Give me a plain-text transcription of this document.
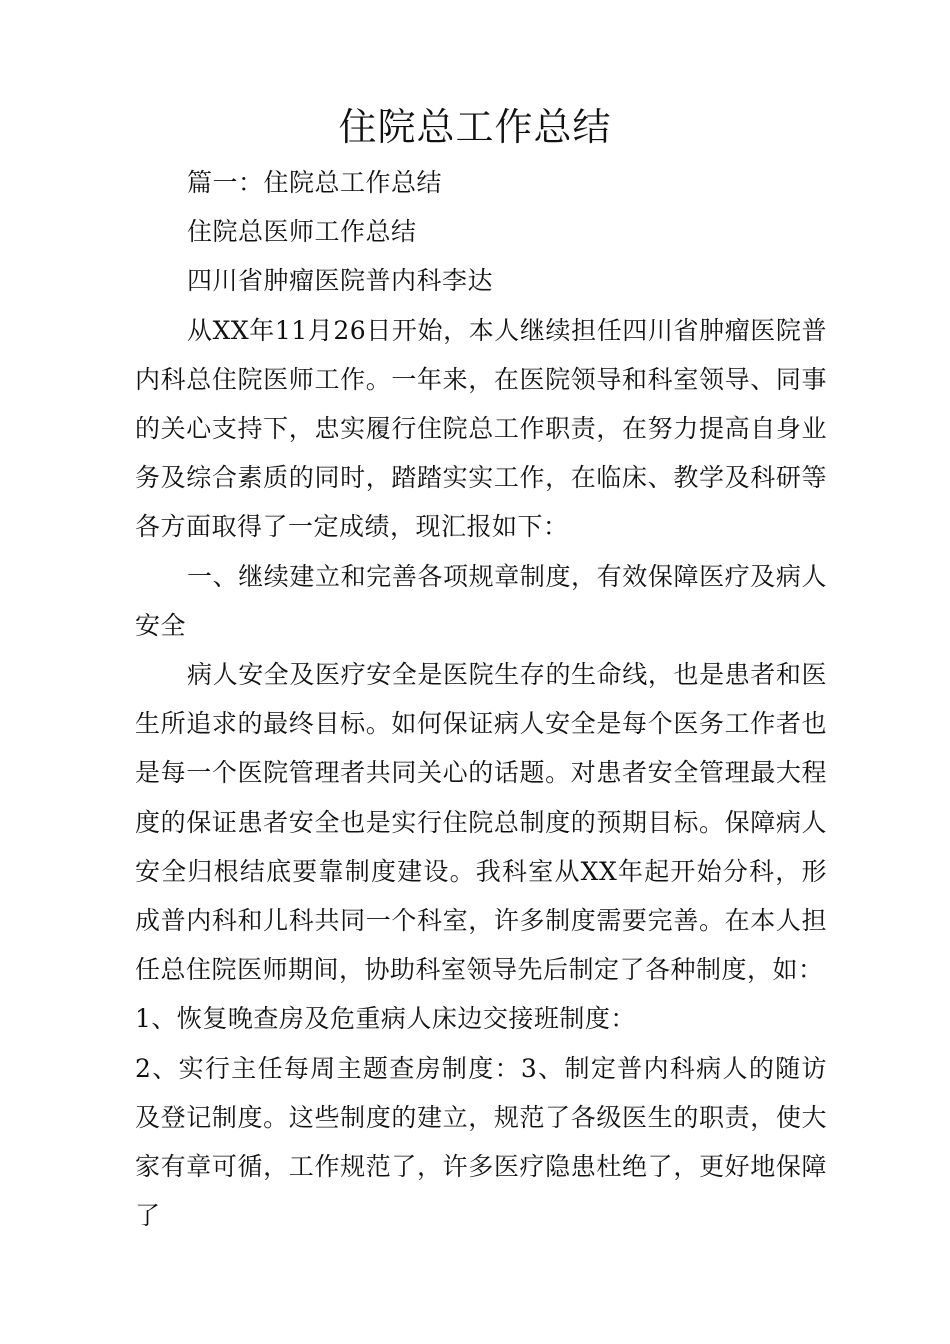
住院总工作总结

篇一：住院总工作总结

住院总医师工作总结

四川省肿瘤医院普内科李达

从XX年11月26日开始，本人继续担任四川省肿瘤医院普内科总住院医师工作。一年来，在医院领导和科室领导、同事的关心支持下，忠实履行住院总工作职责，在努力提高自身业务及综合素质的同时，踏踏实实工作，在临床、教学及科研等各方面取得了一定成绩，现汇报如下：

一、继续建立和完善各项规章制度，有效保障医疗及病人安全

病人安全及医疗安全是医院生存的生命线，也是患者和医生所追求的最终目标。如何保证病人安全是每个医务工作者也是每一个医院管理者共同关心的话题。对患者安全管理最大程度的保证患者安全也是实行住院总制度的预期目标。保障病人安全归根结底要靠制度建设。我科室从XX年起开始分科，形成普内科和儿科共同一个科室，许多制度需要完善。在本人担任总住院医师期间，协助科室领导先后制定了各种制度，如：

1、恢复晚查房及危重病人床边交接班制度：

2、实行主任每周主题查房制度：3、制定普内科病人的随访及登记制度。这些制度的建立，规范了各级医生的职责，使大家有章可循，工作规范了，许多医疗隐患杜绝了，更好地保障了
